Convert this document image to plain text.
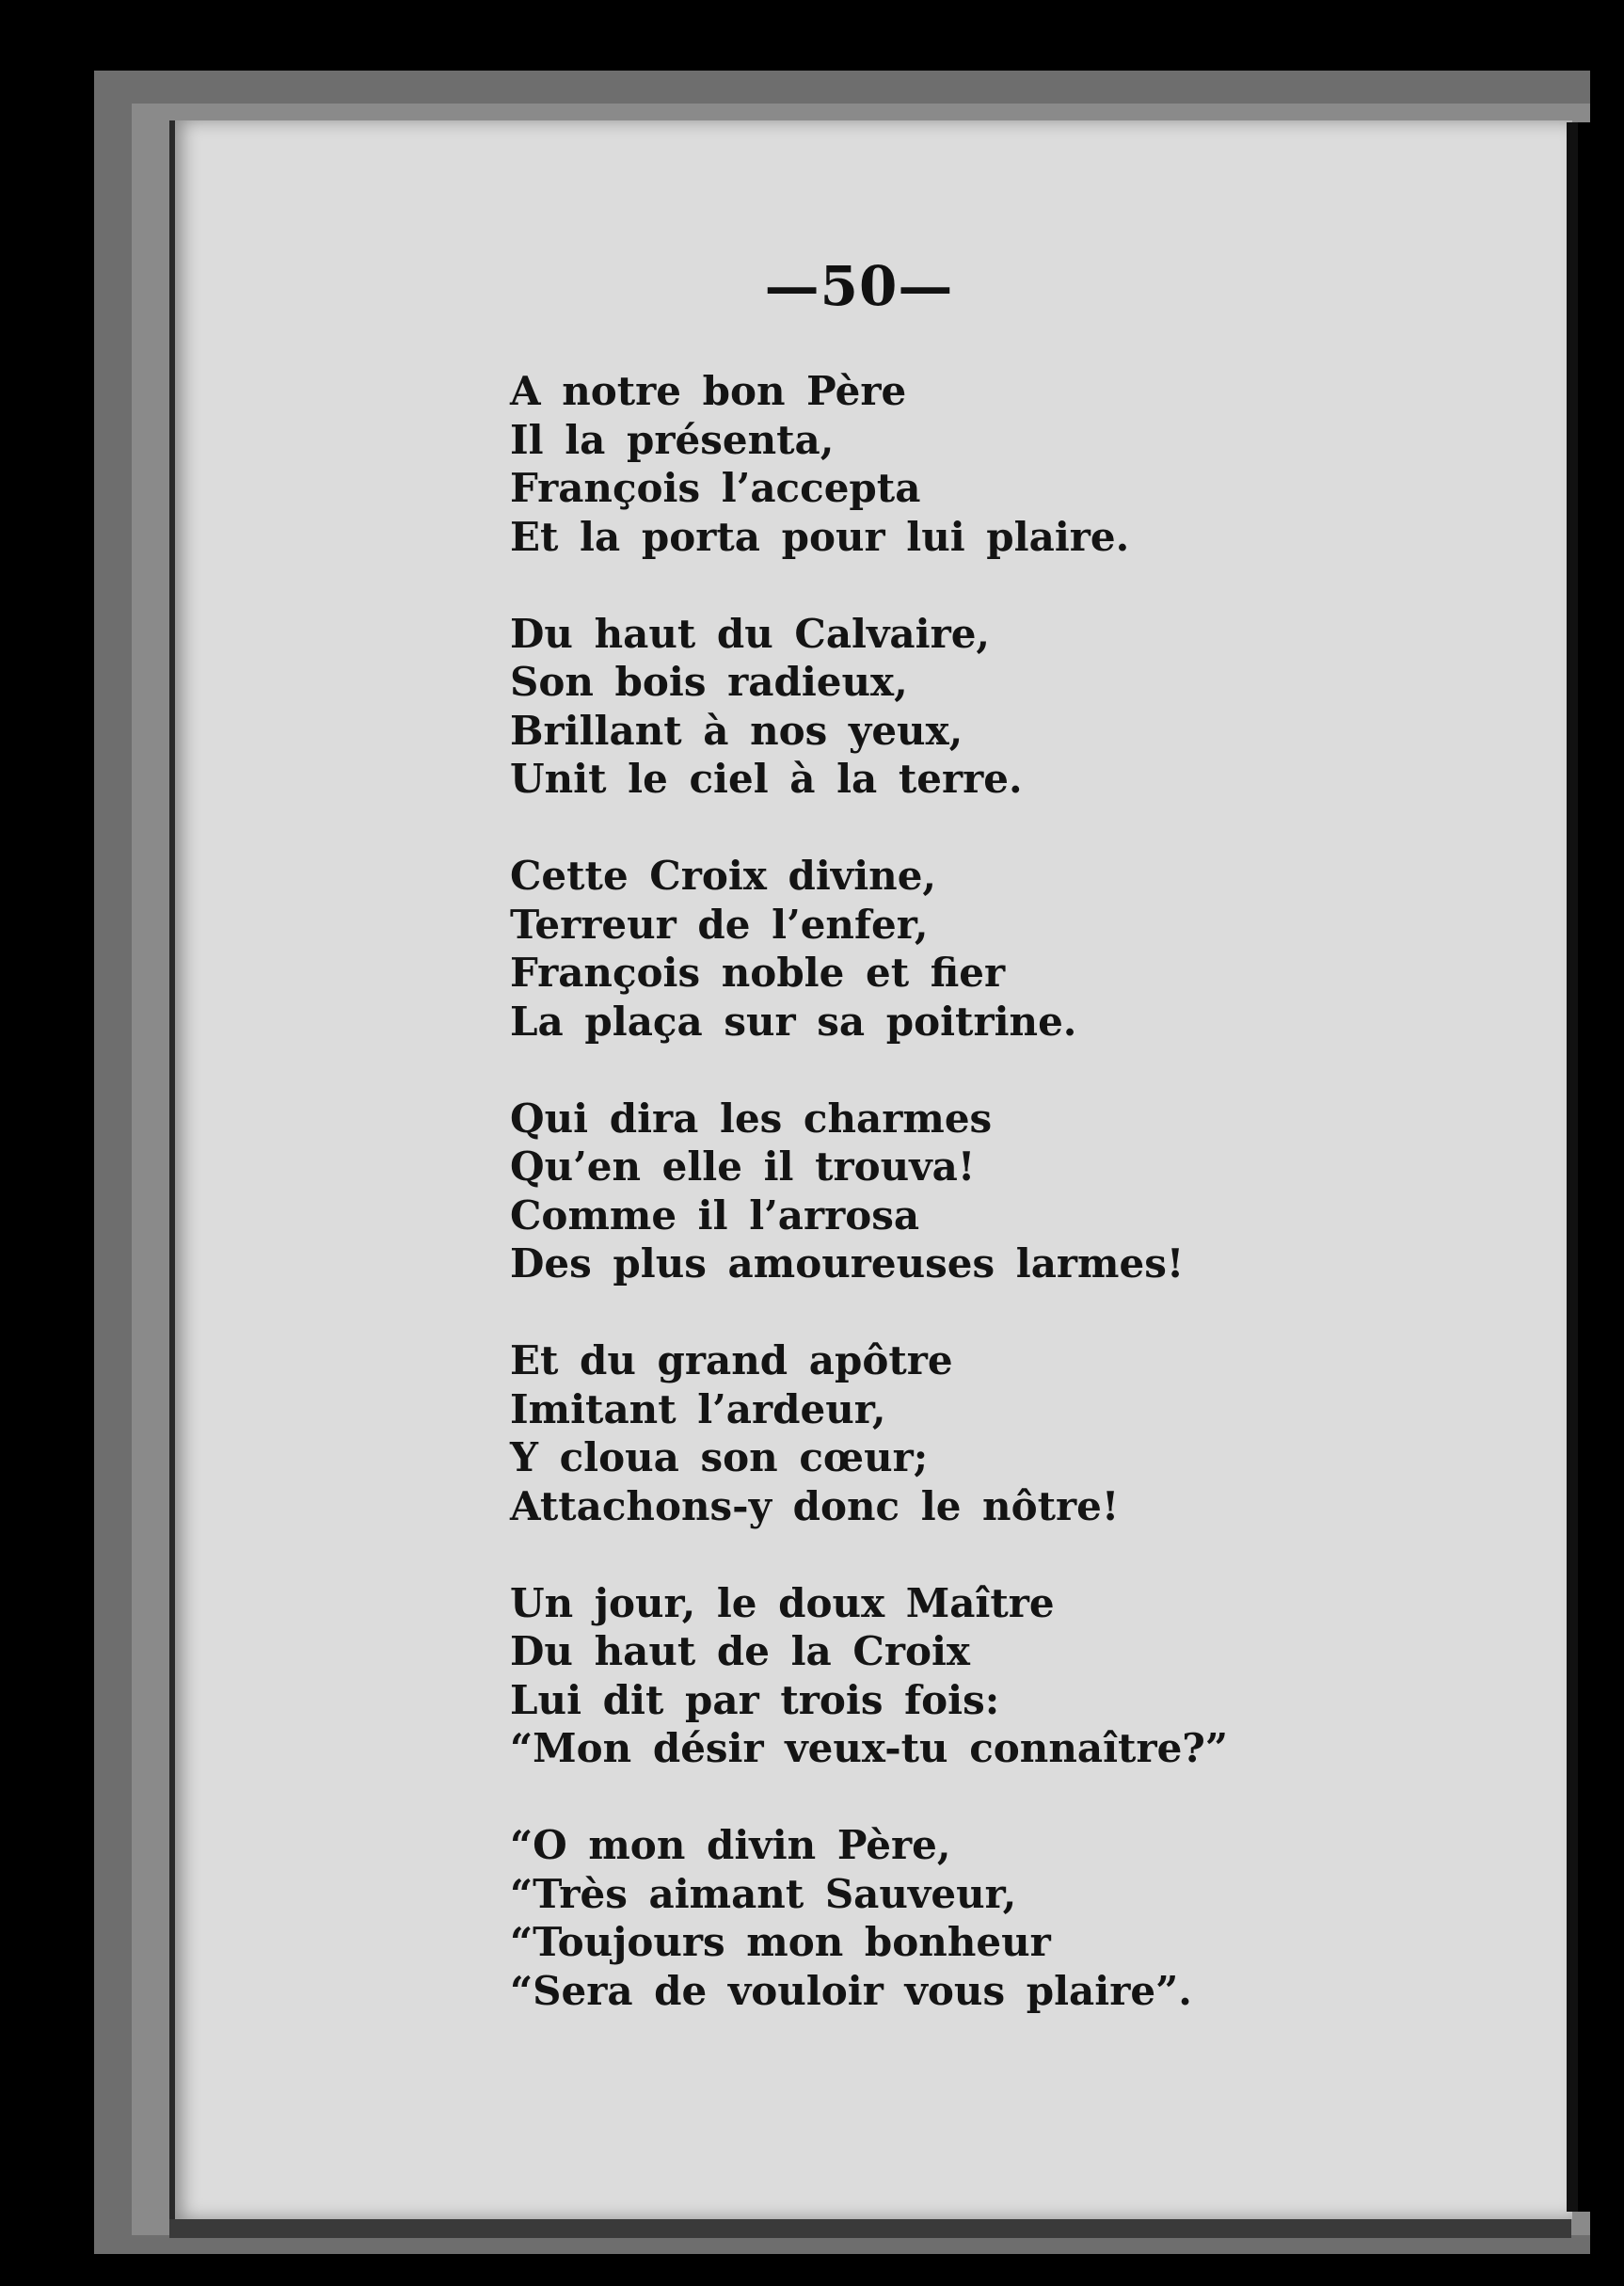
—50—
A notre bon Père
Il la présenta,
François l’accepta
Et la porta pour lui plaire.
Du haut du Calvaire,
Son bois radieux,
Brillant à nos yeux,
Unit le ciel à la terre.
Cette Croix divine,
Terreur de l’enfer,
François noble et fier
La plaça sur sa poitrine.
Qui dira les charmes
Qu’en elle il trouva!
Comme il l’arrosa
Des plus amoureuses larmes!
Et du grand apôtre
Imitant l’ardeur,
Y cloua son cœur;
Attachons-y donc le nôtre!
Un jour, le doux Maître
Du haut de la Croix
Lui dit par trois fois:
“Mon désir veux-tu connaître?”
“O mon divin Père,
“Très aimant Sauveur,
“Toujours mon bonheur
“Sera de vouloir vous plaire”.
